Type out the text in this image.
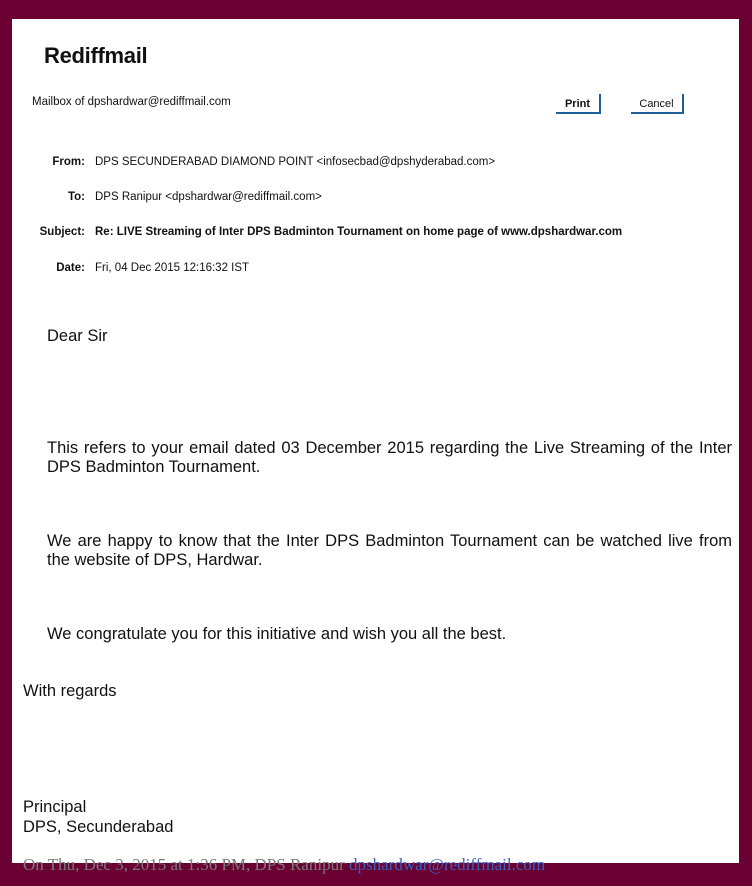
Rediffmail
Mailbox of dpshardwar@rediffmail.com	Print	Cancel
From: DPS SECUNDERABAD DIAMOND POINT <infosecbad@dpshyderabad.com>
To: DPS Ranipur <dpshardwar@rediffmail.com>
Subject: Re: LIVE Streaming of Inter DPS Badminton Tournament on home page of www.dpshardwar.com
Date: Fri, 04 Dec 2015 12:16:32 IST
Dear Sir
This refers to your email dated 03 December 2015 regarding the Live Streaming of the Inter DPS Badminton Tournament.
We are happy to know that the Inter DPS Badminton Tournament can be watched live from the website of DPS, Hardwar.
We congratulate you for this initiative and wish you all the best.
With regards
Principal
DPS, Secunderabad
On Thu, Dec 3, 2015 at 1:36 PM, DPS Ranipur dpshardwar@rediffmail.com
